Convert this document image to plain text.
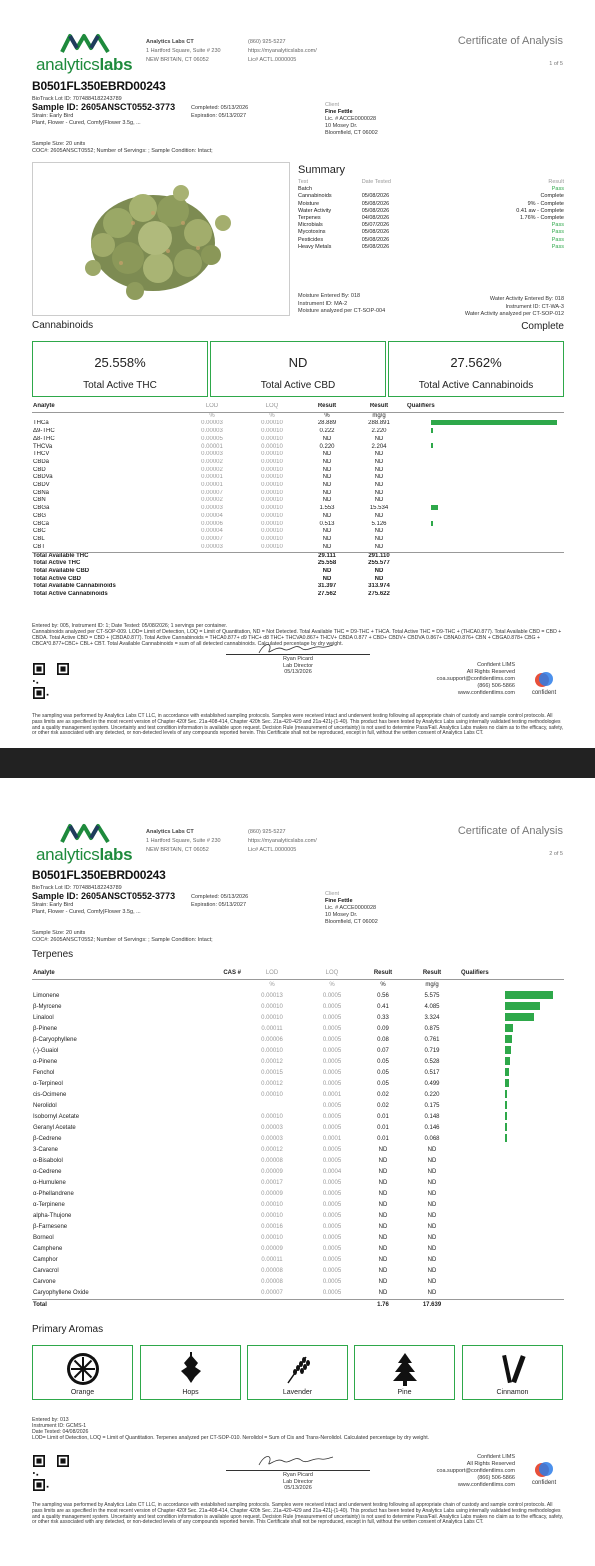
analyticslabs
Analytics Labs CT
1 Hartford Square, Suite # 230
NEW BRITAIN, CT 06052
(860) 925-5227
https://myanalyticslabs.com/
Lic# ACTL.0000005
Certificate of Analysis
1 of 5
B0501FL350EBRD00243
BioTrack Lot ID: 7074884182243789
Sample ID: 2605ANSCT0552-3773
Strain: Early Bird
Plant, Flower - Cured, Comfy|Flower 3.5g, ...
Completed: 05/13/2026
Expiration: 05/13/2027
Client
Fine Fettle
Lic. # ACCE0000028
10 Mosey Dr.
Bloomfield, CT 06002
Sample Size: 20 units
COC#: 2605ANSCT0552; Number of Servings: ; Sample Condition: Intact;
Summary
Test	Date Tested	Result
Batch		Pass
Cannabinoids	05/08/2026	Complete
Moisture	05/08/2026	9% - Complete
Water Activity	05/08/2026	0.41 aw - Complete
Terpenes	04/08/2026	1.76% - Complete
Microbials	05/07/2026	Pass
Mycotoxins	05/08/2026	Pass
Pesticides	05/08/2026	Pass
Heavy Metals	05/08/2026	Pass
Moisture Entered By: 018
Instrument ID: MA-2
Moisture analyzed per CT-SOP-004
Water Activity Entered By: 018
Instrument ID: CT-WA-3
Water Activity analyzed per CT-SOP-012
Cannabinoids	Complete
25.558%
Total Active THC
ND
Total Active CBD
27.562%
Total Active Cannabinoids
Analyte	LOD	LOQ	Result	Result	Qualifiers
	%	%	%	mg/g	
THCa	0.00003	0.00010	28.889	288.891	
Δ9-THC	0.00003	0.00010	0.222	2.220	
Δ8-THC	0.00005	0.00010	ND	ND	
THCVa	0.00001	0.00010	0.220	2.204	
THCV	0.00003	0.00010	ND	ND	
CBDa	0.00002	0.00010	ND	ND	
CBD	0.00002	0.00010	ND	ND	
CBDVa	0.00001	0.00010	ND	ND	
CBDV	0.00001	0.00010	ND	ND	
CBNa	0.00007	0.00010	ND	ND	
CBN	0.00002	0.00010	ND	ND	
CBGa	0.00003	0.00010	1.553	15.534	
CBG	0.00004	0.00010	ND	ND	
CBCa	0.00006	0.00010	0.513	5.126	
CBC	0.00004	0.00010	ND	ND	
CBL	0.00007	0.00010	ND	ND	
CBT	0.00003	0.00010	ND	ND	
Total Available THC			29.111	291.110	
Total Active THC			25.558	255.577	
Total Available CBD			ND	ND	
Total Active CBD			ND	ND	
Total Available Cannabinoids			31.397	313.974	
Total Active Cannabinoids			27.562	275.622	
Entered by: 005, Instrument ID: 1; Date Tested: 05/08/2026; 1 servings per container.
Cannabinoids analyzed per CT-SOP-009. LOD= Limit of Detection, LOQ = Limit of Quantitation, ND = Not Detected. Total Available THC = D9-THC + THCA. Total Active THC = D9-THC + (THCA0.877). Total Available CBD = CBD + CBDA. Total Active CBD = CBD + (CBDA0.877). Total Active Cannabinoids = THCA0.877+ d9 THC+ d8 THC+ THCVA0.867+ THCV+ CBDA 0.877 + CBD+ CBDV+ CBDVA 0.867+ CBNA0.876+ CBN + CBGA0.878+ CBG + CBCA*0.877+CBC+ CBL+ CBT. Total Available Cannabinoids = sum of all detected cannabinoids. Calculated percentage by dry weight.
Ryan Picard
Lab Director
05/13/2026
Confident LIMS
All Rights Reserved
coa.support@confidentlims.com
(866) 506-5866
www.confidentlims.com	confident
The sampling was performed by Analytics Labs CT LLC, in accordance with established sampling protocols. Samples were received intact and underwent testing following all appropriate chain of custody and sample control protocols. All pass limits are as specified in the most recent version of Chapter 420f Sec. 21a-408-414, Chapter 420h Sec. 21a-420-429 and 21a-421j-(1-40). This product has been tested by Analytics Labs using internally validated testing methodologies and a quality management system. Uncertainty and test condition information is available upon request. Decision Rule (measurement of uncertainty) is not used to determine Pass/Fail. Analytics Labs makes no claim as to the efficacy, safety, or other risk associated with any detected, or non-detected levels of any compounds reported herein. This Certificate shall not be reproduced, except in full, without the written consent of Analytics Labs CT.
analyticslabs
Analytics Labs CT
1 Hartford Square, Suite # 230
NEW BRITAIN, CT 06052
(860) 925-5227
https://myanalyticslabs.com/
Lic# ACTL.0000005
Certificate of Analysis
2 of 5
B0501FL350EBRD00243
BioTrack Lot ID: 7074884182243789
Sample ID: 2605ANSCT0552-3773
Strain: Early Bird
Plant, Flower - Cured, Comfy|Flower 3.5g, ...
Completed: 05/13/2026
Expiration: 05/13/2027
Client
Fine Fettle
Lic. # ACCE0000028
10 Mosey Dr.
Bloomfield, CT 06002
Sample Size: 20 units
COC#: 2605ANSCT0552; Number of Servings: ; Sample Condition: Intact;
Terpenes
Analyte	CAS #	LOD	LOQ	Result	Result	Qualifiers
		%	%	%	mg/g	
Limonene		0.00013	0.0005	0.56	5.575	
β-Myrcene		0.00010	0.0005	0.41	4.085	
Linalool		0.00010	0.0005	0.33	3.324	
β-Pinene		0.00011	0.0005	0.09	0.875	
β-Caryophyllene		0.00006	0.0005	0.08	0.761	
(-)-Guaiol		0.00010	0.0005	0.07	0.719	
α-Pinene		0.00012	0.0005	0.05	0.528	
Fenchol		0.00015	0.0005	0.05	0.517	
α-Terpineol		0.00012	0.0005	0.05	0.499	
cis-Ocimene		0.00010	0.0001	0.02	0.220	
Nerolidol			0.0005	0.02	0.175	
Isobornyl Acetate		0.00010	0.0005	0.01	0.148	
Geranyl Acetate		0.00003	0.0005	0.01	0.146	
β-Cedrene		0.00003	0.0001	0.01	0.068	
3-Carene		0.00012	0.0005	ND	ND	
α-Bisabolol		0.00008	0.0005	ND	ND	
α-Cedrene		0.00009	0.0004	ND	ND	
α-Humulene		0.00017	0.0005	ND	ND	
α-Phellandrene		0.00009	0.0005	ND	ND	
α-Terpinene		0.00010	0.0005	ND	ND	
alpha-Thujone		0.00010	0.0005	ND	ND	
β-Farnesene		0.00016	0.0005	ND	ND	
Borneol		0.00010	0.0005	ND	ND	
Camphene		0.00009	0.0005	ND	ND	
Camphor		0.00011	0.0005	ND	ND	
Carvacrol		0.00008	0.0005	ND	ND	
Carvone		0.00008	0.0005	ND	ND	
Caryophyllene Oxide		0.00007	0.0005	ND	ND	
Total				1.76	17.639	
Primary Aromas
Orange	Hops	Lavender	Pine	Cinnamon
Entered by: 013
Instrument ID: GCMS-1
Date Tested: 04/08/2026
LOD= Limit of Detection, LOQ = Limit of Quantitation. Terpenes analyzed per CT-SOP-010. Nerolidol = Sum of Cis and Trans-Nerolidol. Calculated percentage by dry weight.
Ryan Picard
Lab Director
05/13/2026
Confident LIMS
All Rights Reserved
coa.support@confidentlims.com
(866) 506-5866
www.confidentlims.com	confident
The sampling was performed by Analytics Labs CT LLC, in accordance with established sampling protocols. Samples were received intact and underwent testing following all appropriate chain of custody and sample control protocols. All pass limits are as specified in the most recent version of Chapter 420f Sec. 21a-408-414, Chapter 420h Sec. 21a-420-429 and 21a-421j-(1-40). This product has been tested by Analytics Labs using internally validated testing methodologies and a quality management system. Uncertainty and test condition information is available upon request. Decision Rule (measurement of uncertainty) is not used to determine Pass/Fail. Analytics Labs makes no claim as to the efficacy, safety, or other risk associated with any detected, or non-detected levels of any compounds reported herein. This Certificate shall not be reproduced, except in full, without the written consent of Analytics Labs CT.
